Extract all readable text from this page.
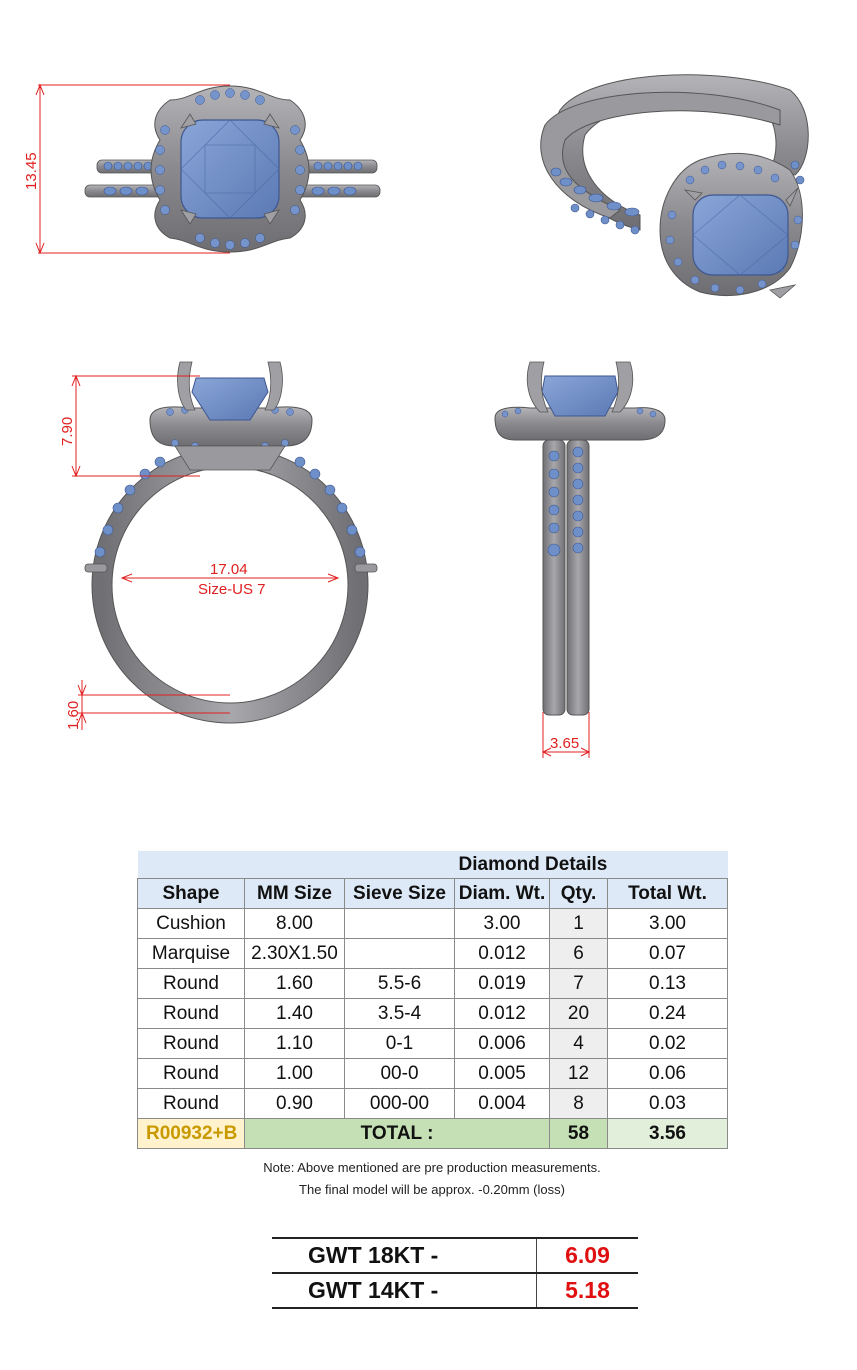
13.45
7.90
17.04
Size-US 7
1.60
3.65
			Diamond Details		
Shape	MM Size	Sieve Size	Diam. Wt.	Qty.	Total Wt.
Cushion	8.00		3.00	1	3.00
Marquise	2.30X1.50		0.012	6	0.07
Round	1.60	5.5-6	0.019	7	0.13
Round	1.40	3.5-4	0.012	20	0.24
Round	1.10	0-1	0.006	4	0.02
Round	1.00	00-0	0.005	12	0.06
Round	0.90	000-00	0.004	8	0.03
R00932+B	TOTAL :			58	3.56
Note: Above mentioned are pre production measurements.
The final model will be approx. -0.20mm (loss)
GWT 18KT -	6.09
GWT 14KT -	5.18
